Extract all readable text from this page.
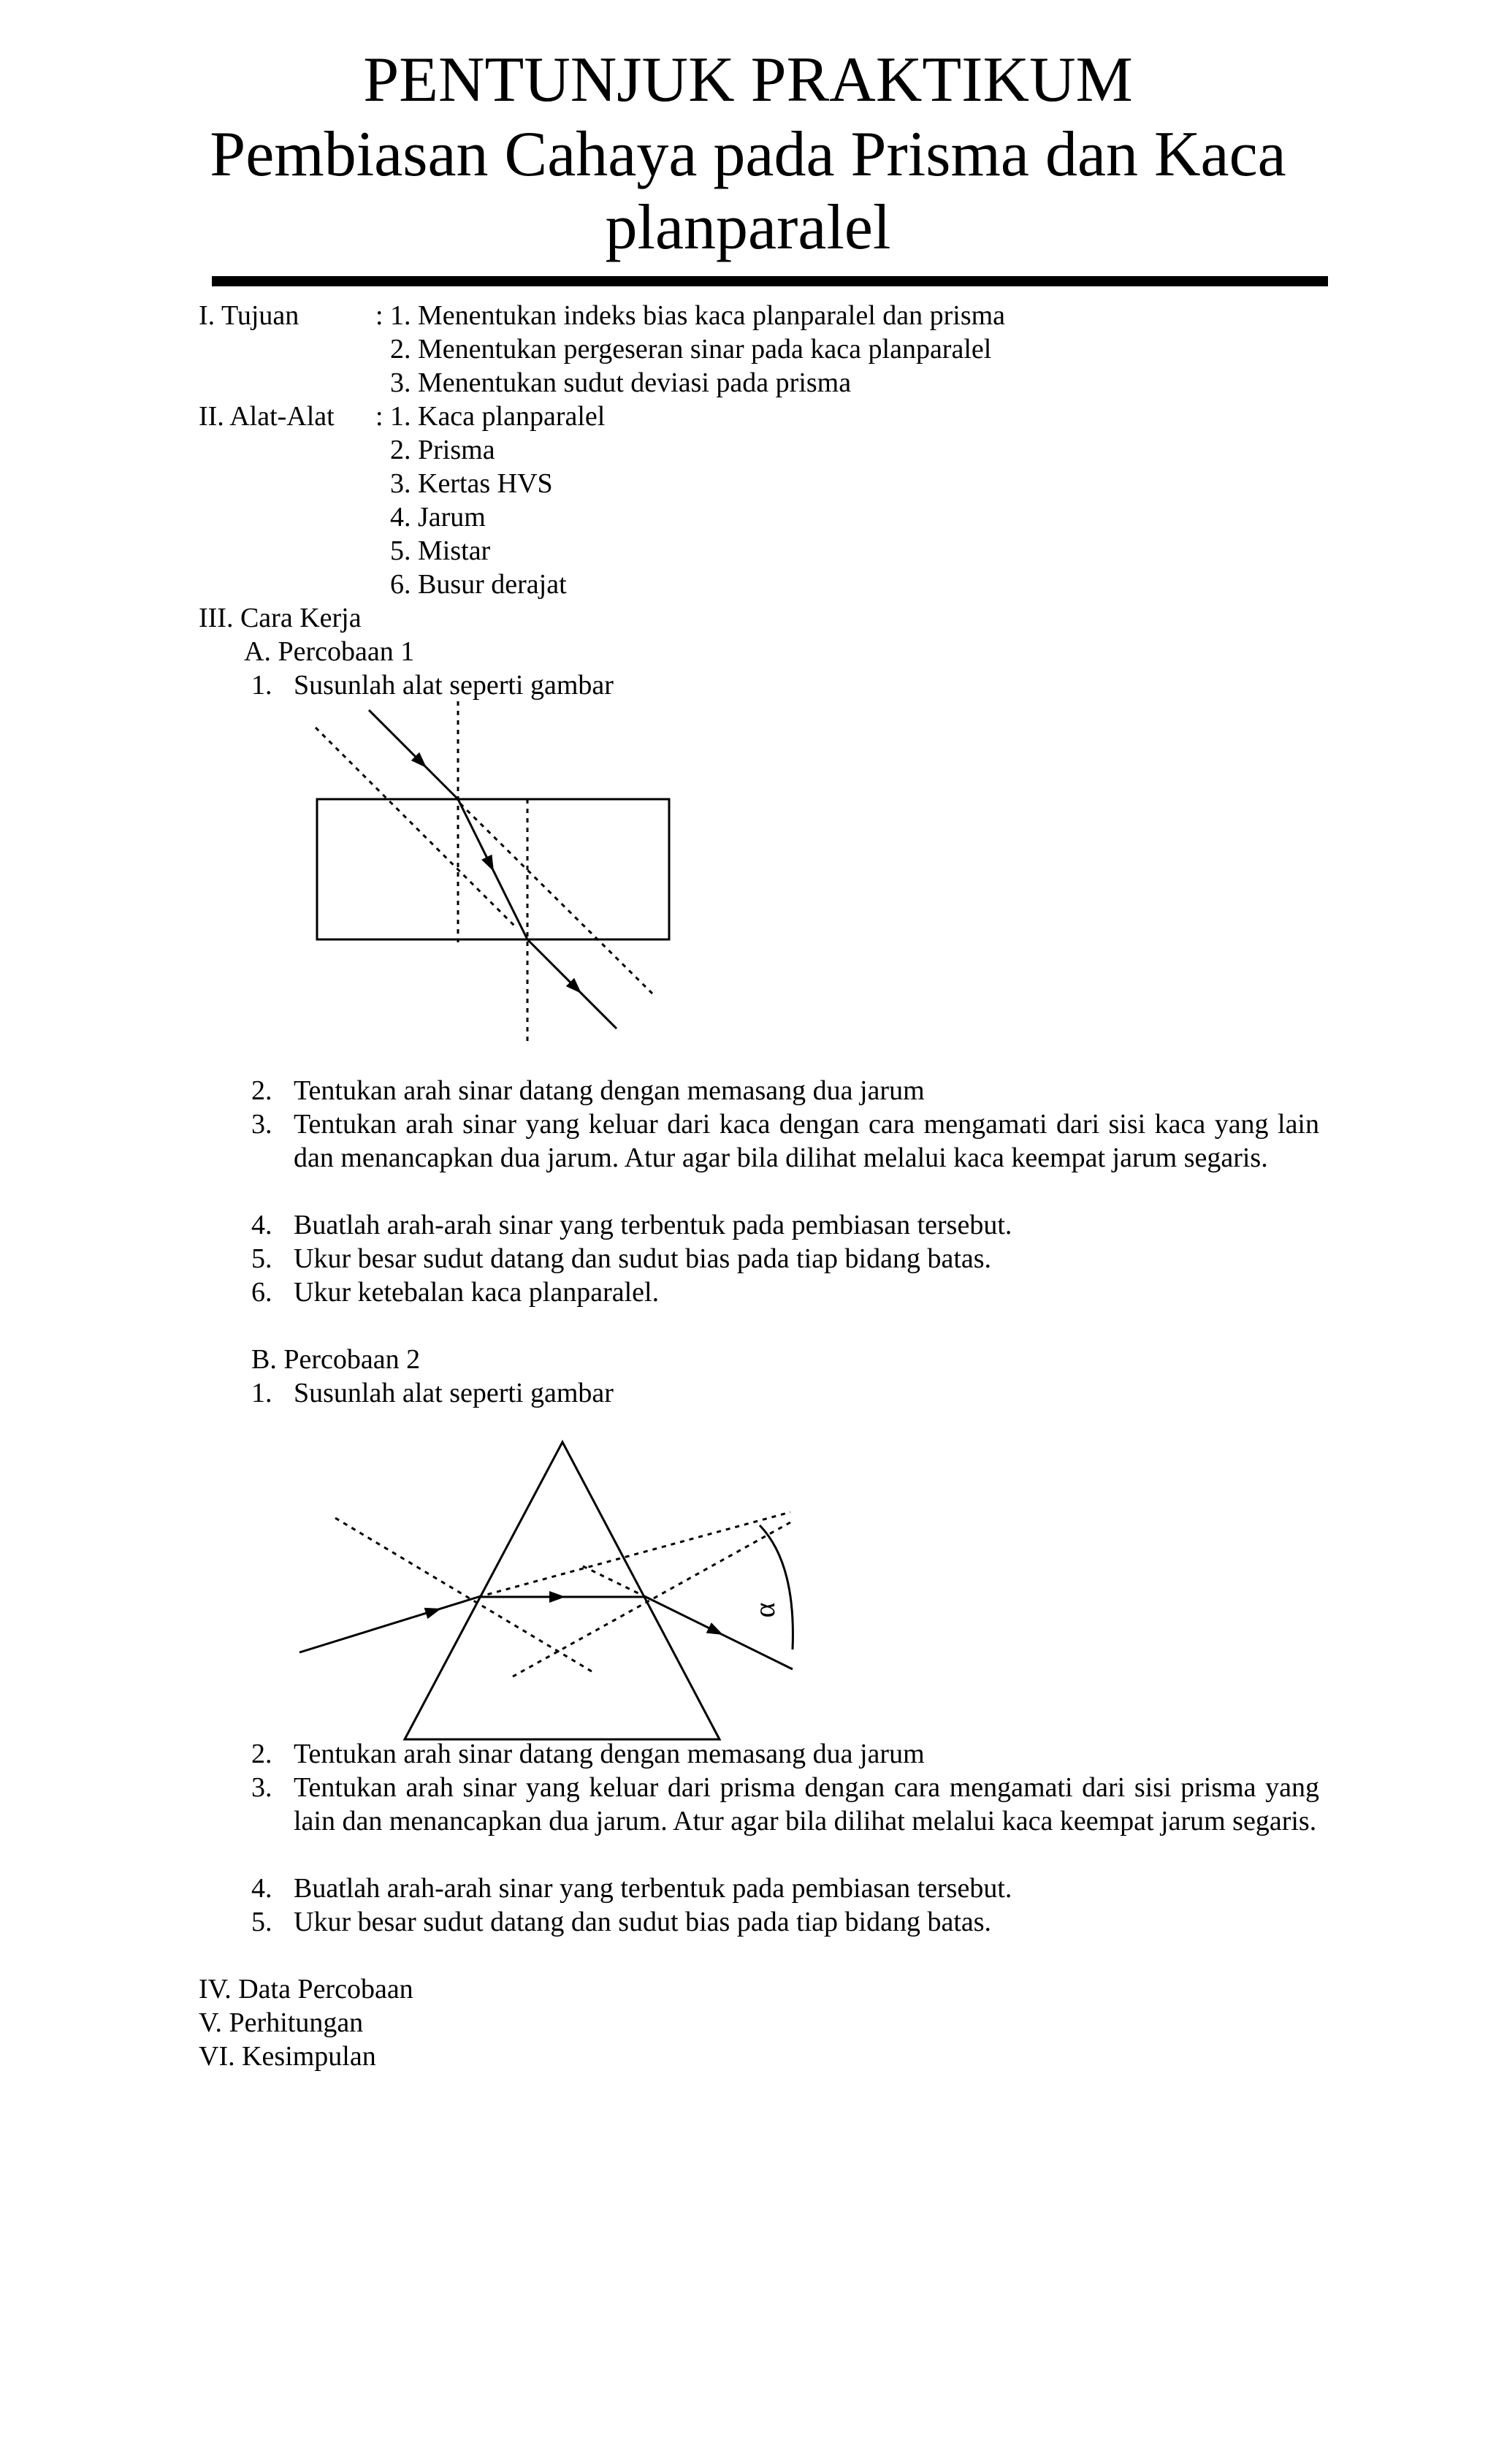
PENTUNJUK PRAKTIKUM
Pembiasan Cahaya pada Prisma dan Kaca
planparalel
I. Tujuan	: 1. Menentukan indeks bias kaca planparalel dan prisma
2. Menentukan pergeseran sinar pada kaca planparalel
3. Menentukan sudut deviasi pada prisma
II. Alat-Alat : 1. Kaca planparalel
2. Prisma
3. Kertas HVS
4. Jarum
5. Mistar
6. Busur derajat
III. Cara Kerja
A. Percobaan 1
1. Susunlah alat seperti gambar
2. Tentukan arah sinar datang dengan memasang dua jarum
3. Tentukan arah sinar yang keluar dari kaca dengan cara mengamati dari sisi kaca yang lain dan menancapkan dua jarum. Atur agar bila dilihat melalui kaca keempat jarum segaris.
4. Buatlah arah-arah sinar yang terbentuk pada pembiasan tersebut.
5. Ukur besar sudut datang dan sudut bias pada tiap bidang batas.
6. Ukur ketebalan kaca planparalel.
B. Percobaan 2
1. Susunlah alat seperti gambar
α
2. Tentukan arah sinar datang dengan memasang dua jarum
3. Tentukan arah sinar yang keluar dari prisma dengan cara mengamati dari sisi prisma yang lain dan menancapkan dua jarum. Atur agar bila dilihat melalui kaca keempat jarum segaris.
4. Buatlah arah-arah sinar yang terbentuk pada pembiasan tersebut.
5. Ukur besar sudut datang dan sudut bias pada tiap bidang batas.
IV. Data Percobaan
V. Perhitungan
VI. Kesimpulan
